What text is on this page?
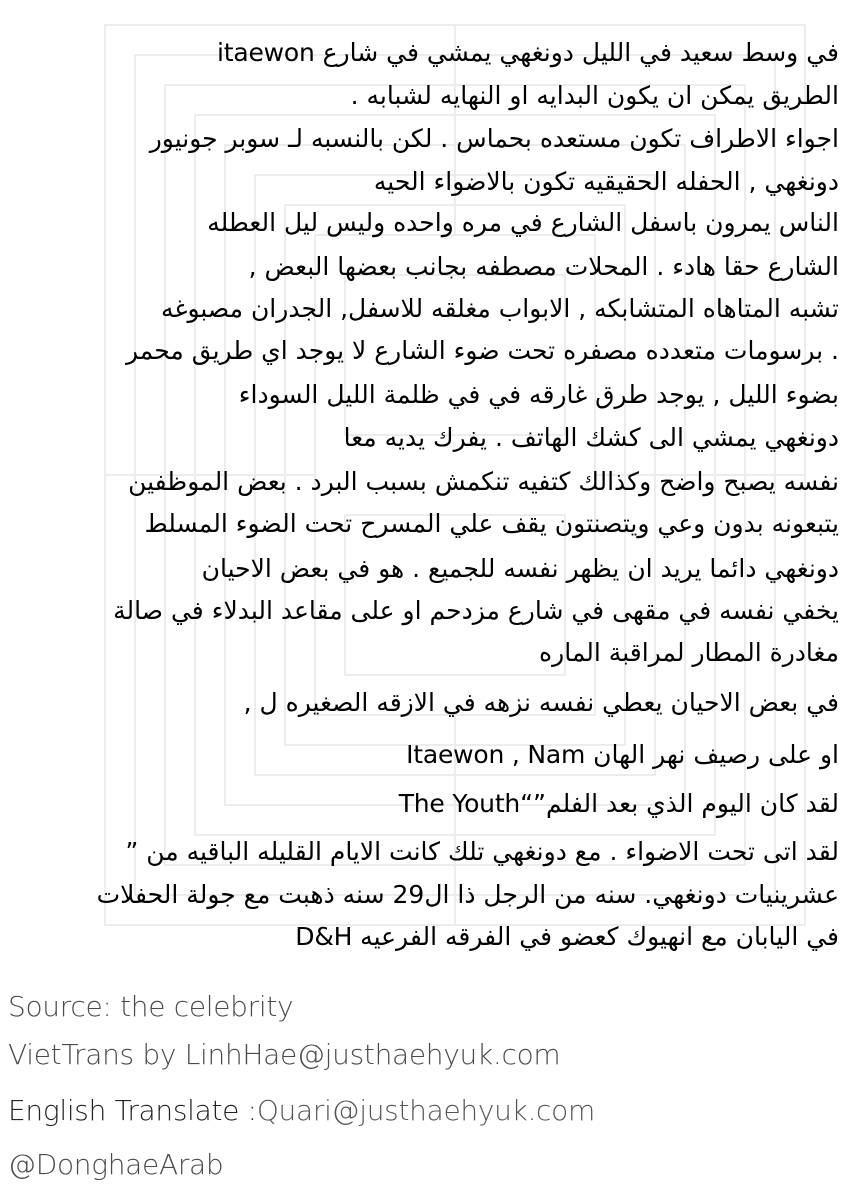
في وسط سعيد في الليل دونغهي يمشي في شارع itaewon
الطريق يمكن ان يكون البدايه او النهايه لشبابه .
اجواء الاطراف تكون مستعده بحماس . لكن بالنسبه لـ سوبر جونيور
دونغهي , الحفله الحقيقيه تكون بالاضواء الحيه
الناس يمرون باسفل الشارع في مره واحده وليس ليل العطله
الشارع حقا هادء . المحلات مصطفه بجانب بعضها البعض ,
تشبه المتاهاه المتشابكه , الابواب مغلقه للاسفل, الجدران مصبوغه
. برسومات متعدده مصفره تحت ضوء الشارع لا يوجد اي طريق محمر
بضوء الليل , يوجد طرق غارقه في في ظلمة الليل السوداء
دونغهي يمشي الى كشك الهاتف . يفرك يديه معا
نفسه يصبح واضح وكذالك كتفيه تنكمش بسبب البرد . بعض الموظفين
يتبعونه بدون وعي ويتصنتون يقف علي المسرح تحت الضوء المسلط
دونغهي دائما يريد ان يظهر نفسه للجميع . هو في بعض الاحيان
يخفي نفسه في مقهى في شارع مزدحم او على مقاعد البدلاء في صالة
مغادرة المطار لمراقبة الماره
في بعض الاحيان يعطي نفسه نزهه في الازقه الصغيره ل ,
او على رصيف نهر الهان Itaewon , Nam
لقد كان اليوم الذي بعد الفلم”“The Youth
لقد اتى تحت الاضواء . مع دونغهي تلك كانت الايام القليله الباقيه من ”
عشرينيات دونغهي. سنه من الرجل ذا ال29 سنه ذهبت مع جولة الحفلات
في اليابان مع انهيوك كعضو في الفرقه الفرعيه D&H
Source: the celebrity
VietTrans by LinhHae@justhaehyuk.com
English Translate :Quari@justhaehyuk.com
@DonghaeArab
